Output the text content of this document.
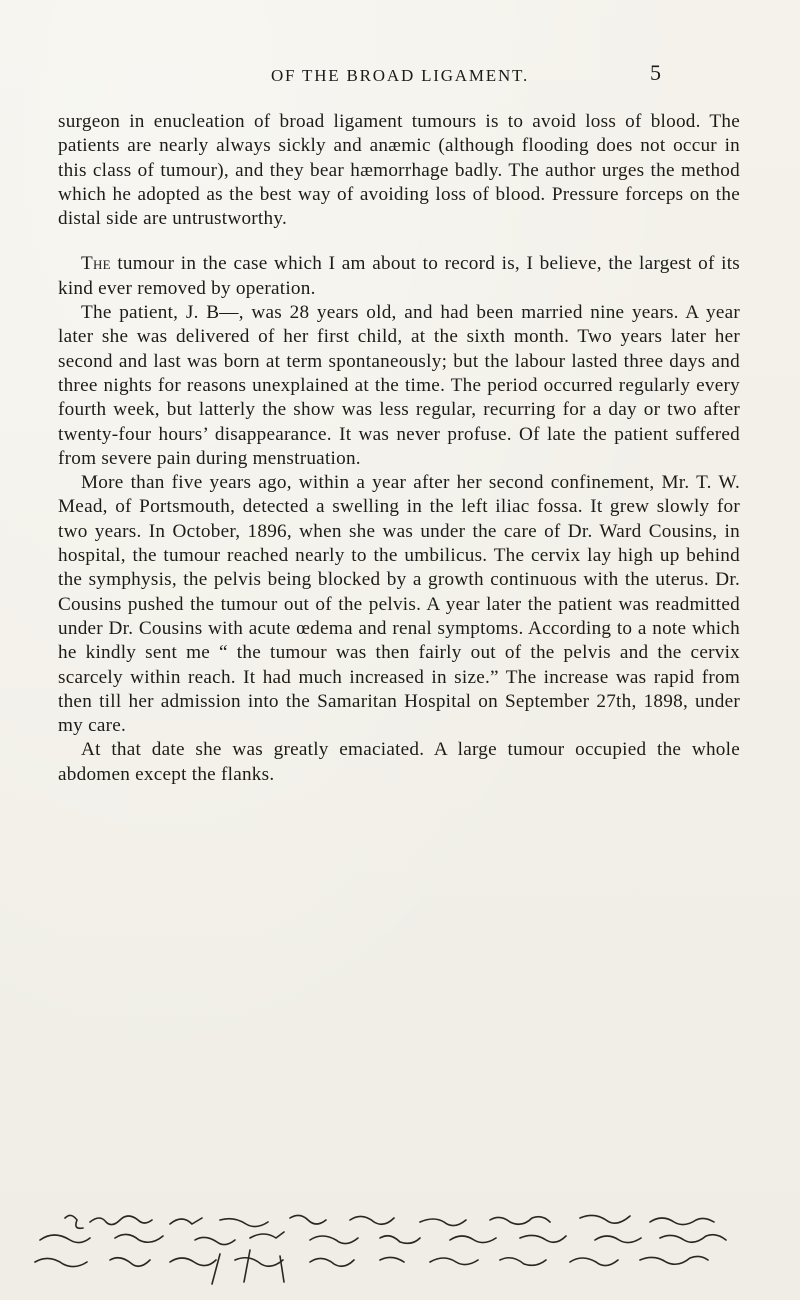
OF THE BROAD LIGAMENT.	5

surgeon in enucleation of broad ligament tumours is to avoid loss of blood. The patients are nearly always sickly and anæmic (although flooding does not occur in this class of tumour), and they bear hæmorrhage badly. The author urges the method which he adopted as the best way of avoiding loss of blood. Pressure forceps on the distal side are untrustworthy.

The tumour in the case which I am about to record is, I believe, the largest of its kind ever removed by operation.

The patient, J. B—, was 28 years old, and had been married nine years. A year later she was delivered of her first child, at the sixth month. Two years later her second and last was born at term spontaneously; but the labour lasted three days and three nights for reasons unexplained at the time. The period occurred regularly every fourth week, but latterly the show was less regular, recurring for a day or two after twenty-four hours’ disappearance. It was never profuse. Of late the patient suffered from severe pain during menstruation.

More than five years ago, within a year after her second confinement, Mr. T. W. Mead, of Portsmouth, detected a swelling in the left iliac fossa. It grew slowly for two years. In October, 1896, when she was under the care of Dr. Ward Cousins, in hospital, the tumour reached nearly to the umbilicus. The cervix lay high up behind the symphysis, the pelvis being blocked by a growth continuous with the uterus. Dr. Cousins pushed the tumour out of the pelvis. A year later the patient was readmitted under Dr. Cousins with acute œdema and renal symptoms. According to a note which he kindly sent me “ the tumour was then fairly out of the pelvis and the cervix scarcely within reach. It had much increased in size.” The increase was rapid from then till her admission into the Samaritan Hospital on September 27th, 1898, under my care.

At that date she was greatly emaciated. A large tumour occupied the whole abdomen except the flanks.
